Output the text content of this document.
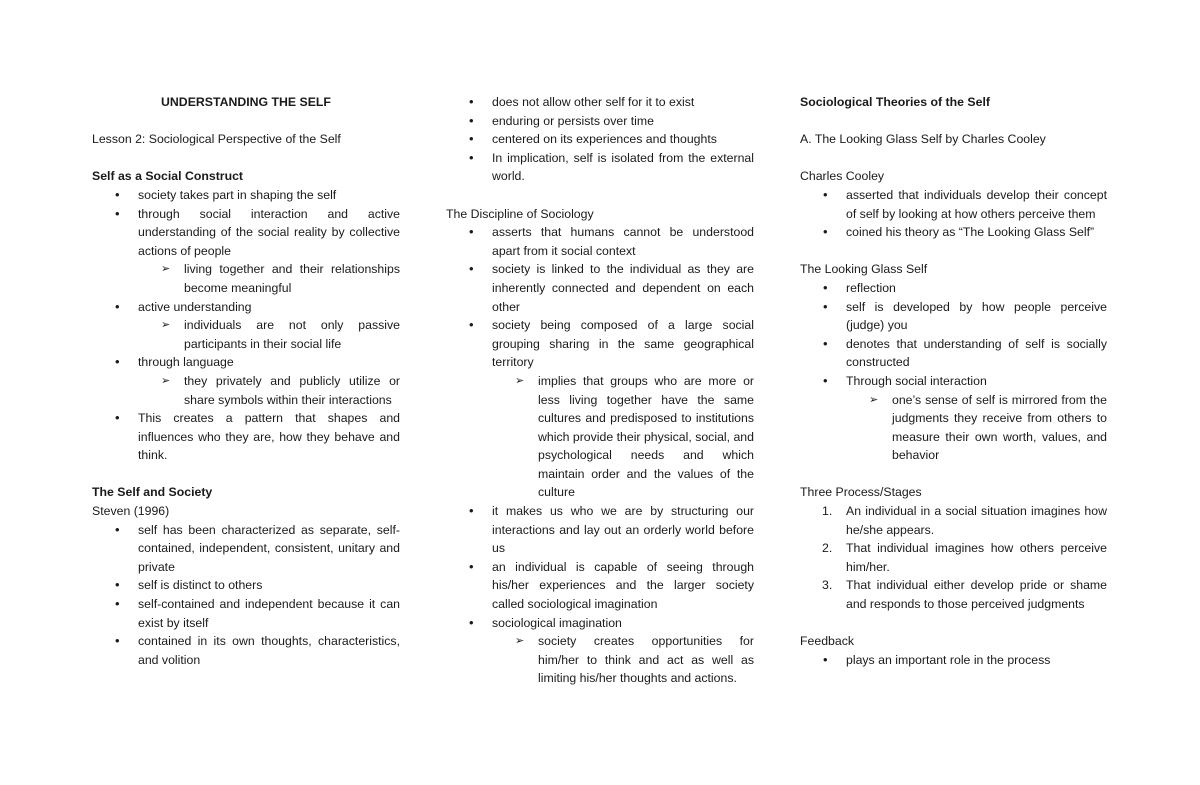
UNDERSTANDING THE SELF

Lesson 2: Sociological Perspective of the Self

Self as a Social Construct

• society takes part in shaping the self
• through social interaction and active understanding of the social reality by collective actions of people
➢ living together and their relationships become meaningful
• active understanding
➢ individuals are not only passive participants in their social life
• through language
➢ they privately and publicly utilize or share symbols within their interactions
• This creates a pattern that shapes and influences who they are, how they behave and think.

The Self and Society

Steven (1996)

• self has been characterized as separate, self-contained, independent, consistent, unitary and private
• self is distinct to others
• self-contained and independent because it can exist by itself
• contained in its own thoughts, characteristics, and volition
• does not allow other self for it to exist
• enduring or persists over time
• centered on its experiences and thoughts
• In implication, self is isolated from the external world.

The Discipline of Sociology

• asserts that humans cannot be understood apart from it social context
• society is linked to the individual as they are inherently connected and dependent on each other
• society being composed of a large social grouping sharing in the same geographical territory
➢ implies that groups who are more or less living together have the same cultures and predisposed to institutions which provide their physical, social, and psychological needs and which maintain order and the values of the culture
• it makes us who we are by structuring our interactions and lay out an orderly world before us
• an individual is capable of seeing through his/her experiences and the larger society called sociological imagination
• sociological imagination
➢ society creates opportunities for him/her to think and act as well as limiting his/her thoughts and actions.

Sociological Theories of the Self

A. The Looking Glass Self by Charles Cooley

Charles Cooley

• asserted that individuals develop their concept of self by looking at how others perceive them
• coined his theory as “The Looking Glass Self”

The Looking Glass Self

• reflection
• self is developed by how people perceive (judge) you
• denotes that understanding of self is socially constructed
• Through social interaction
➢ one’s sense of self is mirrored from the judgments they receive from others to measure their own worth, values, and behavior

Three Process/Stages

1. An individual in a social situation imagines how he/she appears.
2. That individual imagines how others perceive him/her.
3. That individual either develop pride or shame and responds to those perceived judgments

Feedback

• plays an important role in the process
